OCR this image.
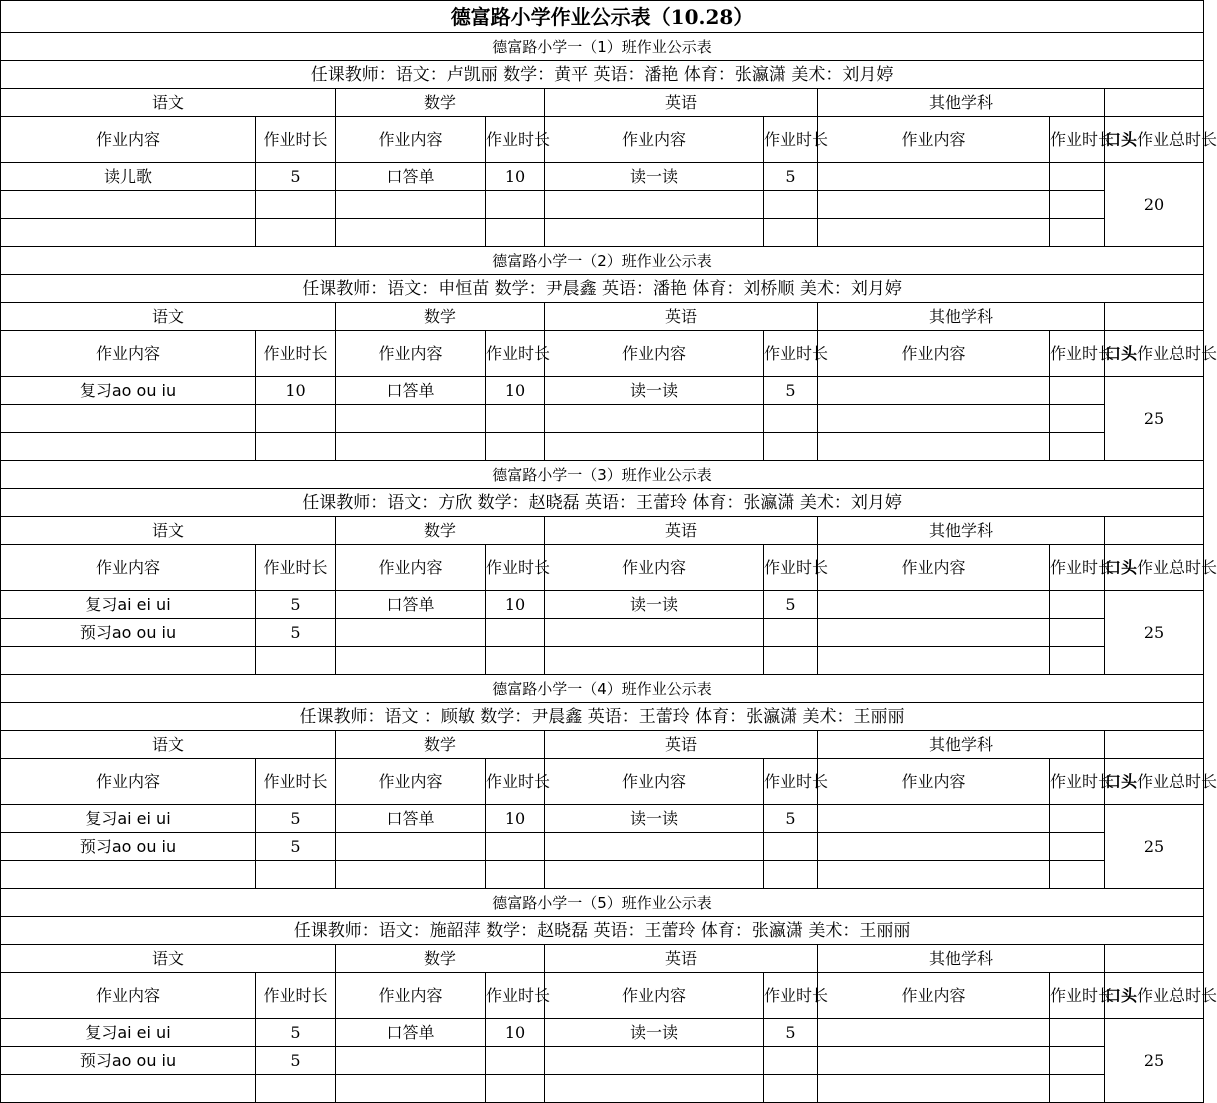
德富路小学作业公示表（10.28）								
德富路小学一（1）班作业公示表								
任课教师：语文：卢凯丽 数学：黄平 英语：潘艳 体育：张瀛潇 美术：刘月婷								
语文		数学		英语		其他学科		
作业内容	作业时长	作业内容	作业时长	作业内容	作业时长	作业内容	作业时长	口头作业总时长
读儿歌	5	口答单	10	读一读	5			20

德富路小学一（2）班作业公示表								
任课教师：语文：申恒苗 数学：尹晨鑫 英语：潘艳 体育：刘桥顺 美术：刘月婷								
语文		数学		英语		其他学科		
作业内容	作业时长	作业内容	作业时长	作业内容	作业时长	作业内容	作业时长	口头作业总时长
复习ao ou iu	10	口答单	10	读一读	5			25

德富路小学一（3）班作业公示表								
任课教师：语文：方欣 数学：赵晓磊 英语：王蕾玲 体育：张瀛潇 美术：刘月婷								
语文		数学		英语		其他学科		
作业内容	作业时长	作业内容	作业时长	作业内容	作业时长	作业内容	作业时长	口头作业总时长
复习ai ei ui	5	口答单	10	读一读	5			25
预习ao ou iu	5							

德富路小学一（4）班作业公示表								
任课教师：语文 ：顾敏 数学：尹晨鑫 英语：王蕾玲 体育：张瀛潇 美术：王丽丽								
语文		数学		英语		其他学科		
作业内容	作业时长	作业内容	作业时长	作业内容	作业时长	作业内容	作业时长	口头作业总时长
复习ai ei ui	5	口答单	10	读一读	5			25
预习ao ou iu	5							

德富路小学一（5）班作业公示表								
任课教师：语文：施韶萍 数学：赵晓磊 英语：王蕾玲 体育：张瀛潇 美术：王丽丽								
语文		数学		英语		其他学科		
作业内容	作业时长	作业内容	作业时长	作业内容	作业时长	作业内容	作业时长	口头作业总时长
复习ai ei ui	5	口答单	10	读一读	5			25
预习ao ou iu	5							
